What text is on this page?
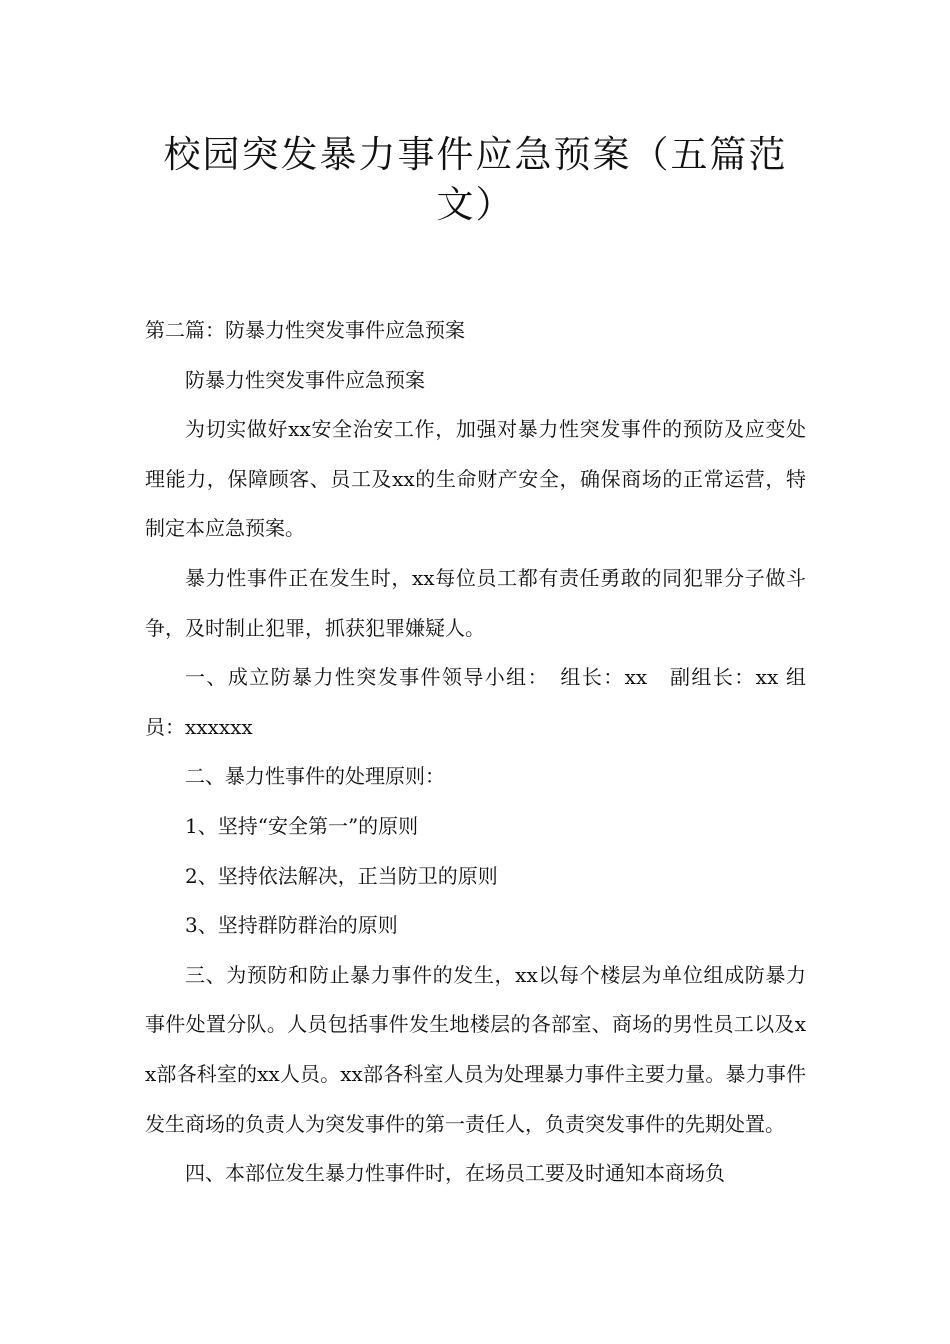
校园突发暴力事件应急预案（五篇范文）

第二篇：防暴力性突发事件应急预案

防暴力性突发事件应急预案

为切实做好xx安全治安工作，加强对暴力性突发事件的预防及应变处理能力，保障顾客、员工及xx的生命财产安全，确保商场的正常运营，特制定本应急预案。

暴力性事件正在发生时，xx每位员工都有责任勇敢的同犯罪分子做斗争，及时制止犯罪，抓获犯罪嫌疑人。

一、成立防暴力性突发事件领导小组：　组长：xx　副组长：xx 组员：xxxxxx

二、暴力性事件的处理原则：

1、坚持“安全第一”的原则

2、坚持依法解决，正当防卫的原则

3、坚持群防群治的原则

三、为预防和防止暴力事件的发生，xx以每个楼层为单位组成防暴力事件处置分队。人员包括事件发生地楼层的各部室、商场的男性员工以及xx部各科室的xx人员。xx部各科室人员为处理暴力事件主要力量。暴力事件发生商场的负责人为突发事件的第一责任人，负责突发事件的先期处置。

四、本部位发生暴力性事件时，在场员工要及时通知本商场负
